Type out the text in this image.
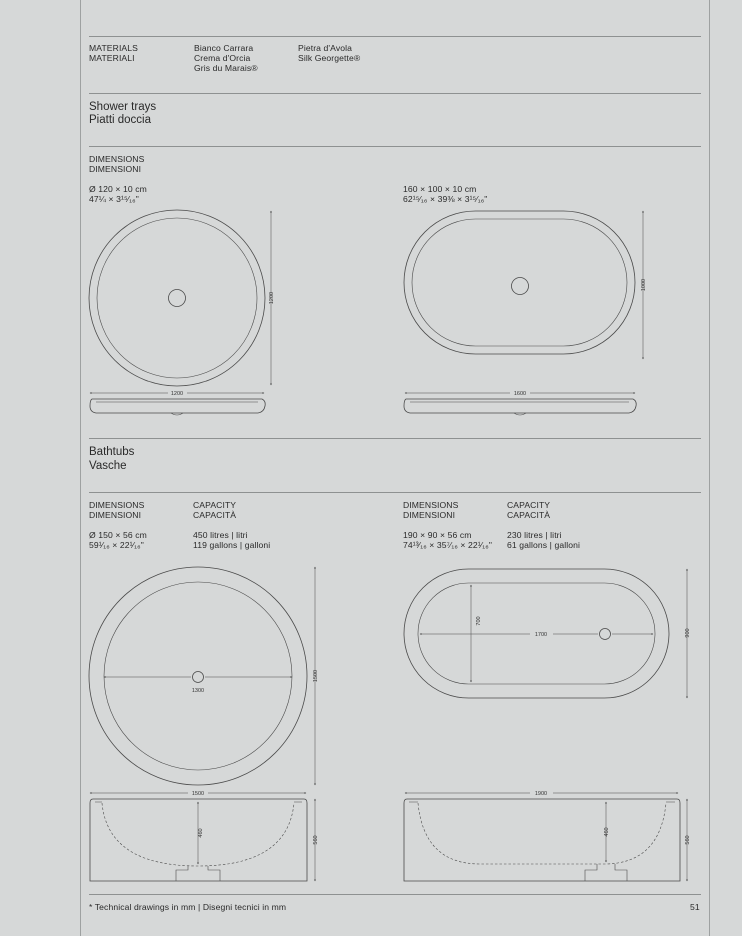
MATERIALS
MATERIALI
Bianco Carrara
Crema d'Orcia
Gris du Marais®
Pietra d'Avola
Silk Georgette®
Shower trays
Piatti doccia
DIMENSIONS
DIMENSIONI
Ø 120 × 10 cm
47¼ × 3¹⁵⁄₁₆"
160 × 100 × 10 cm
62¹⁵⁄₁₆ × 39⅜ × 3¹⁵⁄₁₆"
Bathtubs
Vasche
DIMENSIONS
DIMENSIONI
CAPACITY
CAPACITÀ
DIMENSIONS
DIMENSIONI
CAPACITY
CAPACITÀ
Ø 150 × 56 cm
59¹⁄₁₆ × 22¹⁄₁₆"
450 litres | litri
119 gallons | galloni
190 × 90 × 56 cm
74¹³⁄₁₆ × 35⁷⁄₁₆ × 22¹⁄₁₆"
230 litres | litri
61 gallons | galloni
* Technical drawings in mm | Disegni tecnici in mm	51
1200
1200
1000
1600
1300
1500
1700
700
900
1500
460
560
1900
460
560
